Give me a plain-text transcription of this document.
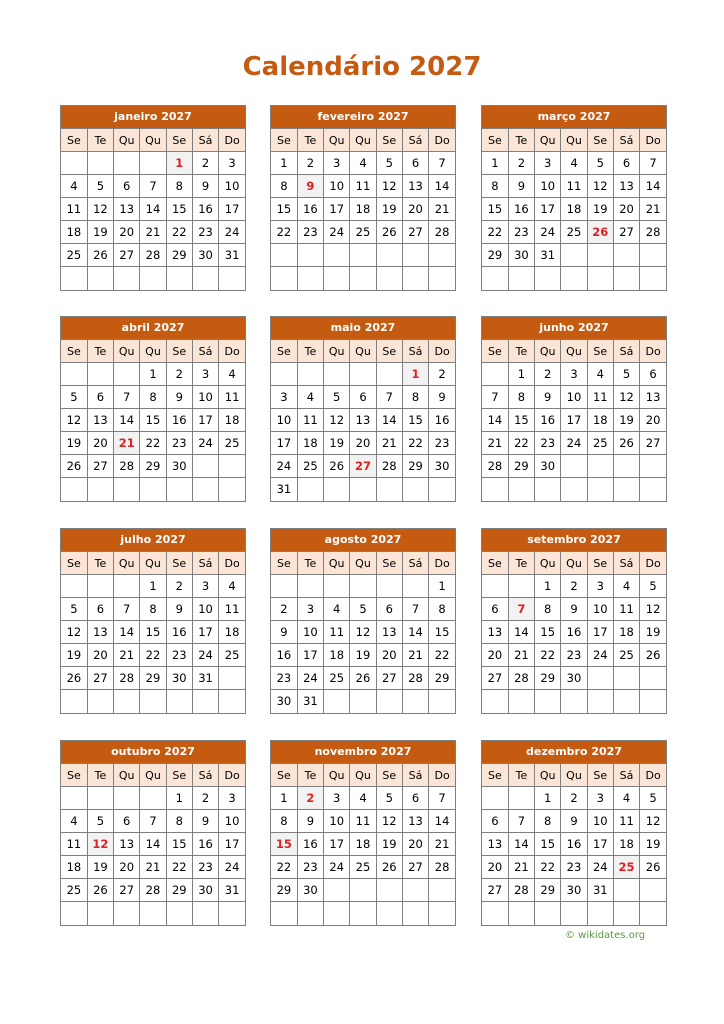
Calendário 2027
janeiro 2027
Se	Te	Qu	Qu	Se	Sá	Do
				1	2	3
4	5	6	7	8	9	10
11	12	13	14	15	16	17
18	19	20	21	22	23	24
25	26	27	28	29	30	31

fevereiro 2027
Se	Te	Qu	Qu	Se	Sá	Do
1	2	3	4	5	6	7
8	9	10	11	12	13	14
15	16	17	18	19	20	21
22	23	24	25	26	27	28

março 2027
Se	Te	Qu	Qu	Se	Sá	Do
1	2	3	4	5	6	7
8	9	10	11	12	13	14
15	16	17	18	19	20	21
22	23	24	25	26	27	28
29	30	31				

abril 2027
Se	Te	Qu	Qu	Se	Sá	Do
			1	2	3	4
5	6	7	8	9	10	11
12	13	14	15	16	17	18
19	20	21	22	23	24	25
26	27	28	29	30		

maio 2027
Se	Te	Qu	Qu	Se	Sá	Do
					1	2
3	4	5	6	7	8	9
10	11	12	13	14	15	16
17	18	19	20	21	22	23
24	25	26	27	28	29	30
31						
junho 2027
Se	Te	Qu	Qu	Se	Sá	Do
	1	2	3	4	5	6
7	8	9	10	11	12	13
14	15	16	17	18	19	20
21	22	23	24	25	26	27
28	29	30				

julho 2027
Se	Te	Qu	Qu	Se	Sá	Do
			1	2	3	4
5	6	7	8	9	10	11
12	13	14	15	16	17	18
19	20	21	22	23	24	25
26	27	28	29	30	31	

agosto 2027
Se	Te	Qu	Qu	Se	Sá	Do
						1
2	3	4	5	6	7	8
9	10	11	12	13	14	15
16	17	18	19	20	21	22
23	24	25	26	27	28	29
30	31					
setembro 2027
Se	Te	Qu	Qu	Se	Sá	Do
		1	2	3	4	5
6	7	8	9	10	11	12
13	14	15	16	17	18	19
20	21	22	23	24	25	26
27	28	29	30			

outubro 2027
Se	Te	Qu	Qu	Se	Sá	Do
				1	2	3
4	5	6	7	8	9	10
11	12	13	14	15	16	17
18	19	20	21	22	23	24
25	26	27	28	29	30	31

novembro 2027
Se	Te	Qu	Qu	Se	Sá	Do
1	2	3	4	5	6	7
8	9	10	11	12	13	14
15	16	17	18	19	20	21
22	23	24	25	26	27	28
29	30					

dezembro 2027
Se	Te	Qu	Qu	Se	Sá	Do
		1	2	3	4	5
6	7	8	9	10	11	12
13	14	15	16	17	18	19
20	21	22	23	24	25	26
27	28	29	30	31		

© wikidates.org
